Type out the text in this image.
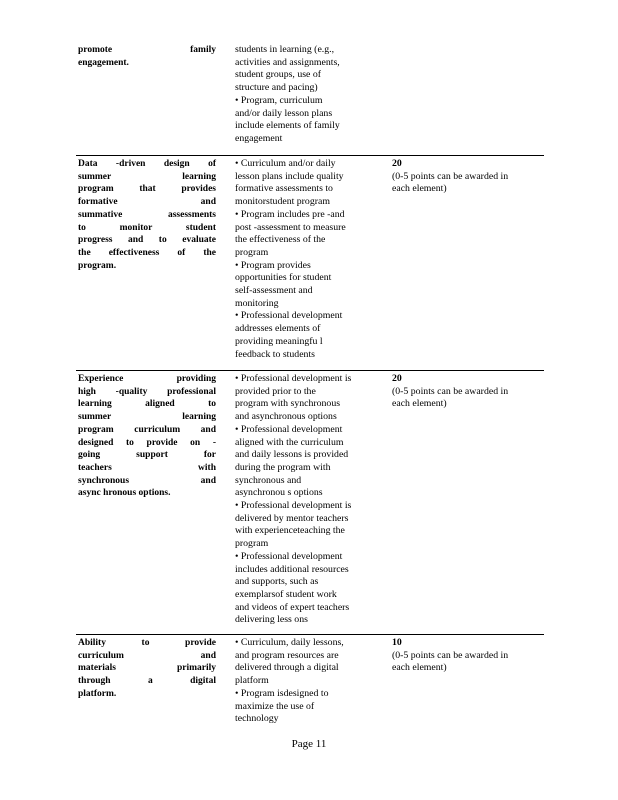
promote family
engagement.
students in learning (e.g.,
activities and assignments,
student groups, use of
structure and pacing)
• Program, curriculum
and/or daily lesson plans
include elements of family
engagement
Data -driven design of
summer learning
program that provides
formative and
summative assessments
to monitor student
progress and to evaluate
the effectiveness of the
program.
• Curriculum and/or daily
lesson plans include quality
formative assessments to
monitorstudent program
• Program includes pre -and
post -assessment to measure
the effectiveness of the
program
• Program provides
opportunities for student
self-assessment and
monitoring
• Professional development
addresses elements of
providing meaningfu l
feedback to students
20
(0-5 points can be awarded in
each element)
Experience providing
high -quality professional
learning aligned to
summer learning
program curriculum and
designed to provide on -
going support for
teachers with
synchronous and
async hronous options.
• Professional development is
provided prior to the
program with synchronous
and asynchronous options
• Professional development
aligned with the curriculum
and daily lessons is provided
during the program with
synchronous and
asynchronou s options
• Professional development is
delivered by mentor teachers
with experienceteaching the
program
• Professional development
includes additional resources
and supports, such as
exemplarsof student work
and videos of expert teachers
delivering less ons
20
(0-5 points can be awarded in
each element)
Ability to provide
curriculum and
materials primarily
through a digital
platform.
• Curriculum, daily lessons,
and program resources are
delivered through a digital
platform
• Program isdesigned to
maximize the use of
technology
10
(0-5 points can be awarded in
each element)
Page 11
